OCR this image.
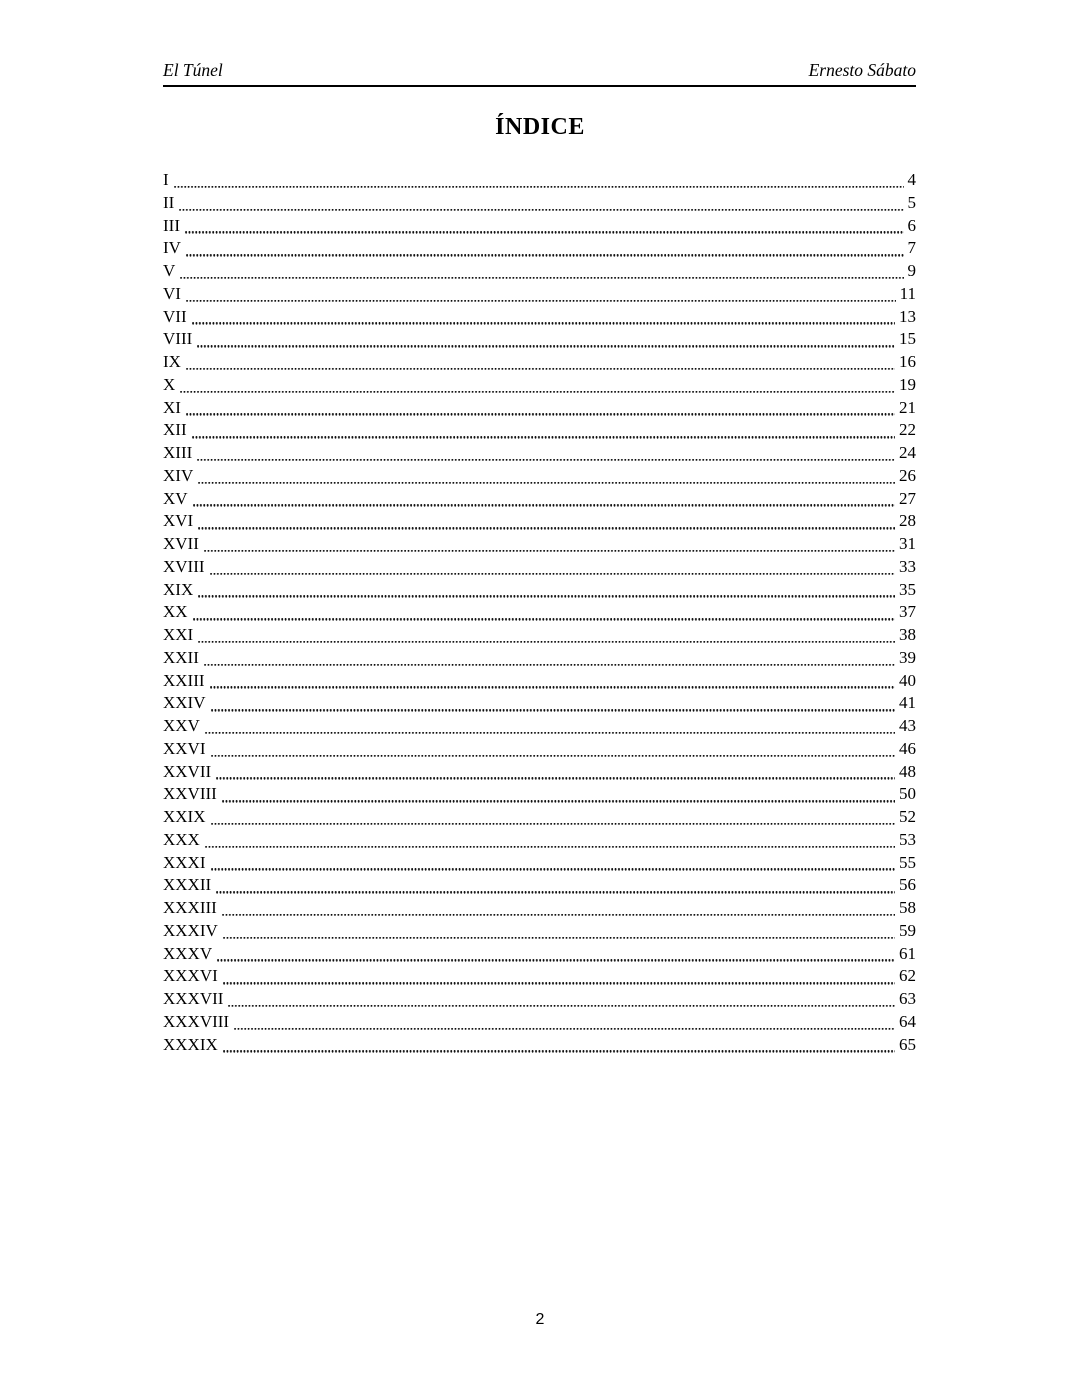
El Túnel	Ernesto Sábato
ÍNDICE
I	4
II	5
III	6
IV	7
V	9
VI	11
VII	13
VIII	15
IX	16
X	19
XI	21
XII	22
XIII	24
XIV	26
XV	27
XVI	28
XVII	31
XVIII	33
XIX	35
XX	37
XXI	38
XXII	39
XXIII	40
XXIV	41
XXV	43
XXVI	46
XXVII	48
XXVIII	50
XXIX	52
XXX	53
XXXI	55
XXXII	56
XXXIII	58
XXXIV	59
XXXV	61
XXXVI	62
XXXVII	63
XXXVIII	64
XXXIX	65
2
